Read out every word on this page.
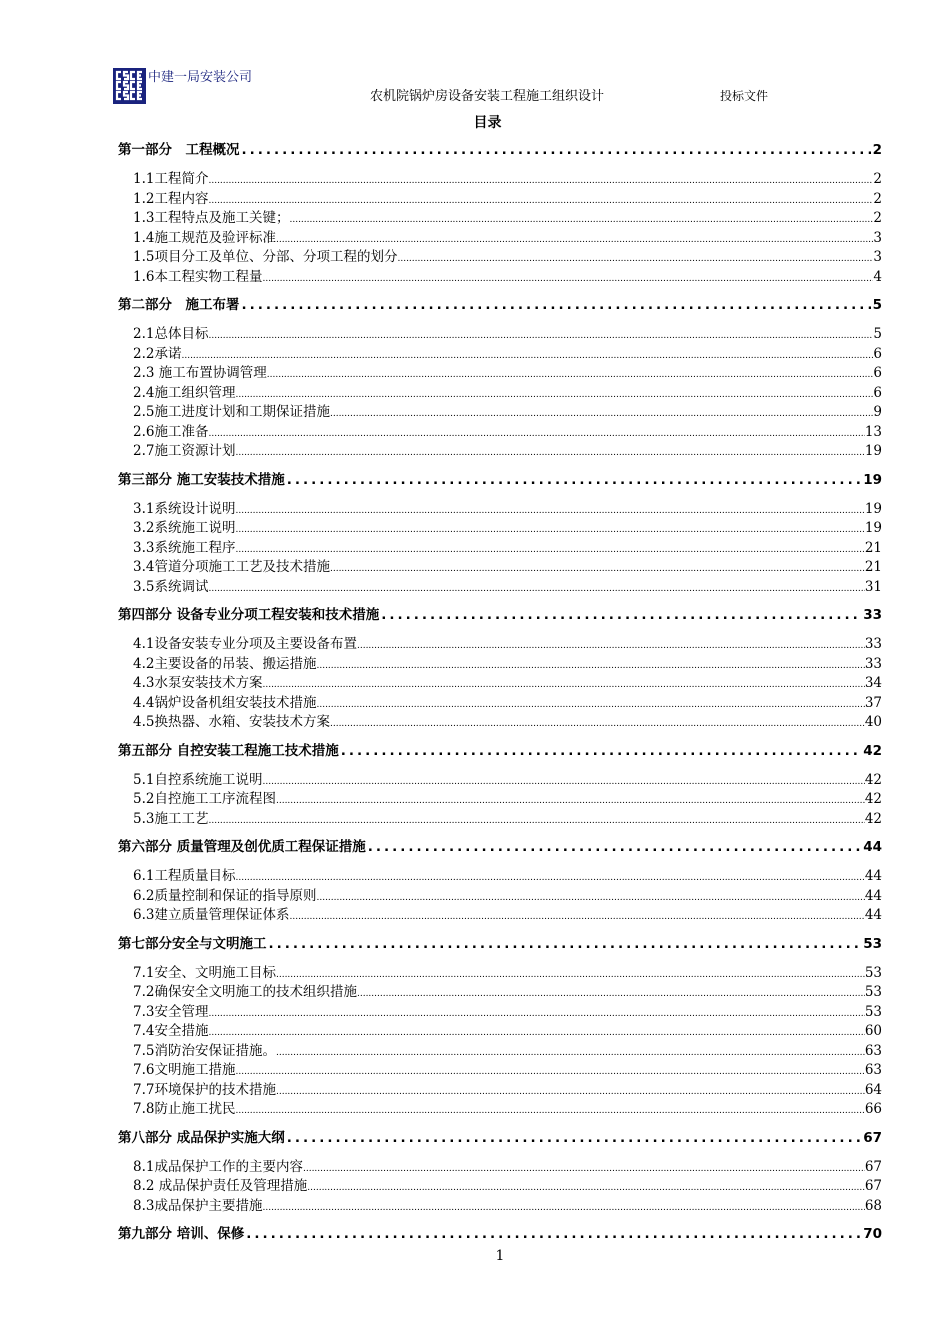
中建一局安装公司
农机院锅炉房设备安装工程施工组织设计	投标文件
目录
第一部分　工程概况 .....	2
1.1工程简介 .....	2
1.2工程内容 .....	2
1.3工程特点及施工关键； .....	2
1.4施工规范及验评标准 .....	3
1.5项目分工及单位、分部、分项工程的划分 .....	3
1.6本工程实物工程量 .....	4
第二部分　施工布署 .....	5
2.1总体目标 .....	5
2.2承诺 .....	6
2.3 施工布置协调管理 .....	6
2.4施工组织管理 .....	6
2.5施工进度计划和工期保证措施 .....	9
2.6施工准备 .....	13
2.7施工资源计划 .....	19
第三部分 施工安装技术措施 .....	19
3.1系统设计说明 .....	19
3.2系统施工说明 .....	19
3.3系统施工程序 .....	21
3.4管道分项施工工艺及技术措施 .....	21
3.5系统调试 .....	31
第四部分 设备专业分项工程安装和技术措施 .....	33
4.1设备安装专业分项及主要设备布置 .....	33
4.2主要设备的吊装、搬运措施 .....	33
4.3水泵安装技术方案 .....	34
4.4锅炉设备机组安装技术措施 .....	37
4.5换热器、水箱、安装技术方案 .....	40
第五部分 自控安装工程施工技术措施 .....	42
5.1自控系统施工说明 .....	42
5.2自控施工工序流程图 .....	42
5.3施工工艺 .....	42
第六部分 质量管理及创优质工程保证措施 .....	44
6.1工程质量目标 .....	44
6.2质量控制和保证的指导原则 .....	44
6.3建立质量管理保证体系 .....	44
第七部分安全与文明施工 .....	53
7.1安全、文明施工目标 .....	53
7.2确保安全文明施工的技术组织措施 .....	53
7.3安全管理 .....	53
7.4安全措施 .....	60
7.5消防治安保证措施。 .....	63
7.6文明施工措施 .....	63
7.7环境保护的技术措施 .....	64
7.8防止施工扰民 .....	66
第八部分 成品保护实施大纲 .....	67
8.1成品保护工作的主要内容 .....	67
8.2 成品保护责任及管理措施 .....	67
8.3成品保护主要措施 .....	68
第九部分 培训、保修 .....	70
1
